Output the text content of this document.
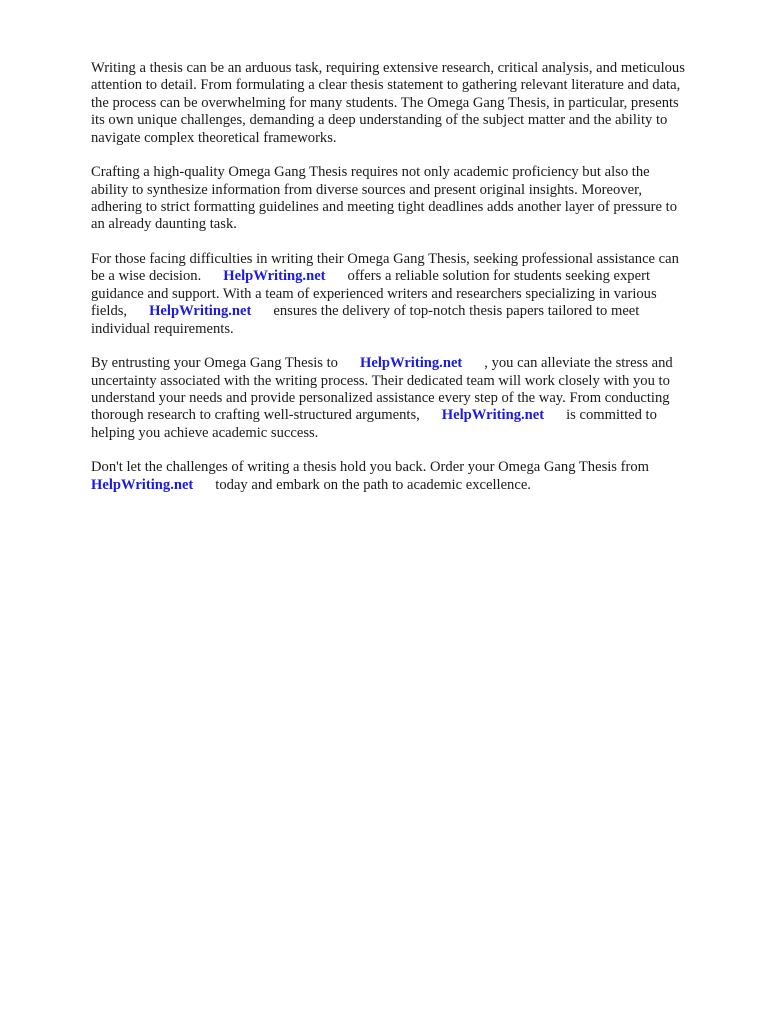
Writing a thesis can be an arduous task, requiring extensive research, critical analysis, and meticulous
attention to detail. From formulating a clear thesis statement to gathering relevant literature and data,
the process can be overwhelming for many students. The Omega Gang Thesis, in particular, presents
its own unique challenges, demanding a deep understanding of the subject matter and the ability to
navigate complex theoretical frameworks.

Crafting a high-quality Omega Gang Thesis requires not only academic proficiency but also the
ability to synthesize information from diverse sources and present original insights. Moreover,
adhering to strict formatting guidelines and meeting tight deadlines adds another layer of pressure to
an already daunting task.

For those facing difficulties in writing their Omega Gang Thesis, seeking professional assistance can
be a wise decision. HelpWriting.net offers a reliable solution for students seeking expert
guidance and support. With a team of experienced writers and researchers specializing in various
fields, HelpWriting.net ensures the delivery of top-notch thesis papers tailored to meet
individual requirements.

By entrusting your Omega Gang Thesis to HelpWriting.net , you can alleviate the stress and
uncertainty associated with the writing process. Their dedicated team will work closely with you to
understand your needs and provide personalized assistance every step of the way. From conducting
thorough research to crafting well-structured arguments, HelpWriting.net is committed to
helping you achieve academic success.

Don't let the challenges of writing a thesis hold you back. Order your Omega Gang Thesis from
HelpWriting.net today and embark on the path to academic excellence.
